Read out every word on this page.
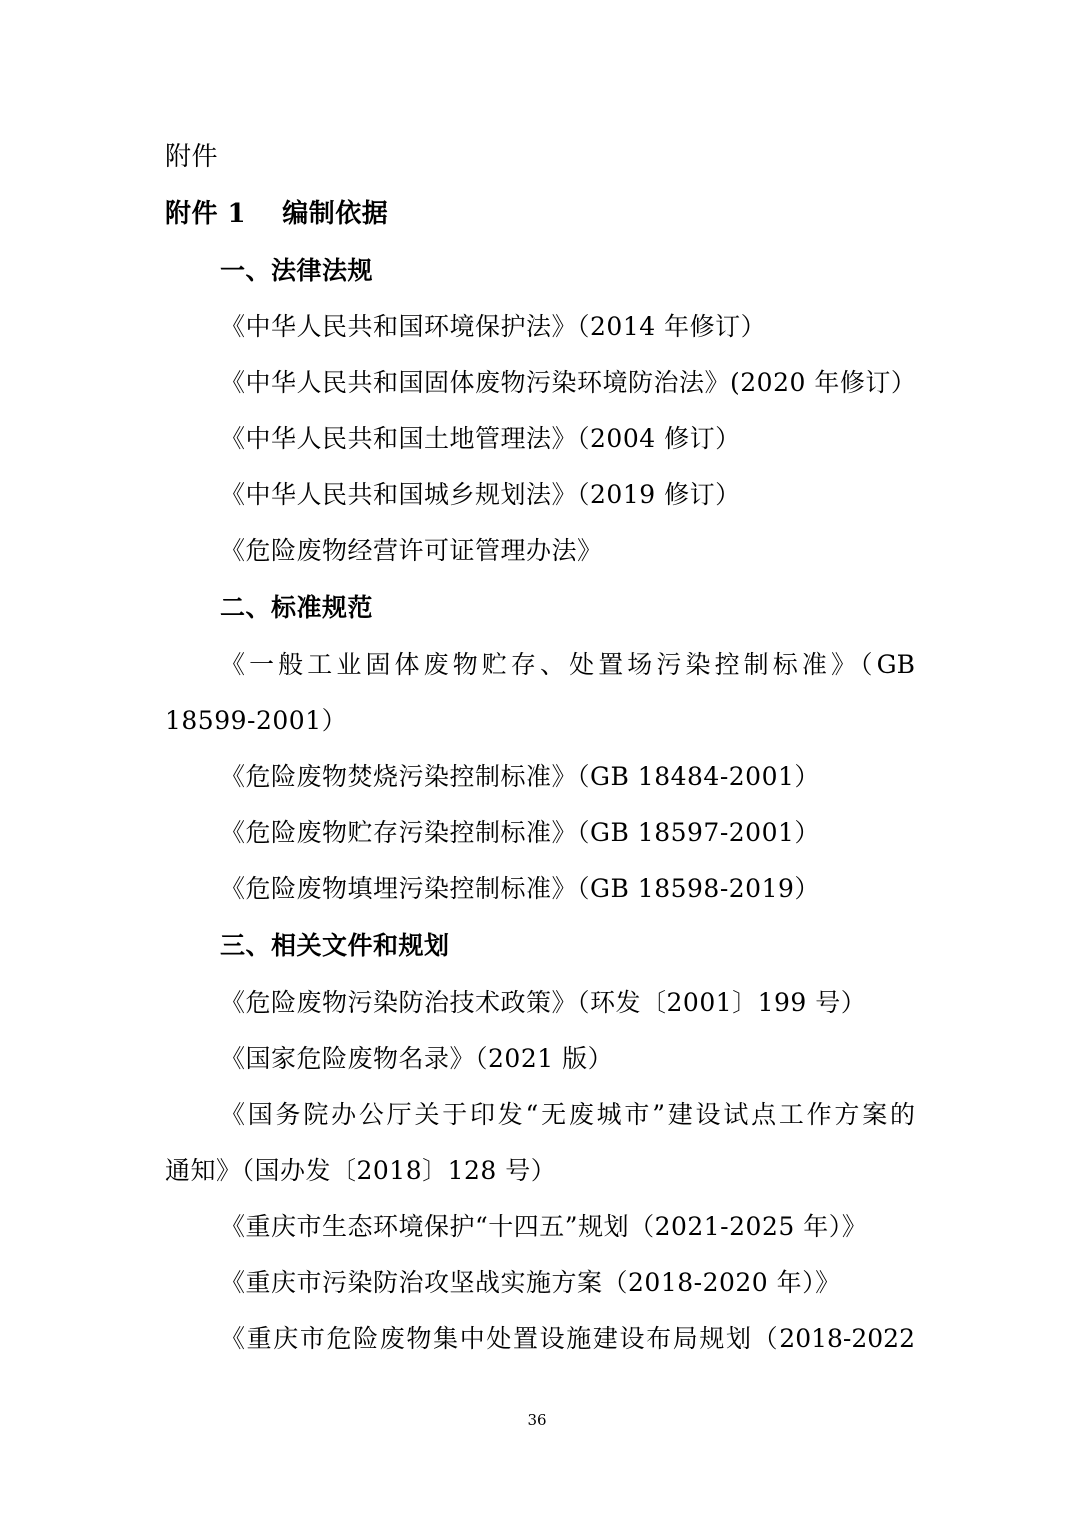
附件
附件 1　 编制依据
一、法律法规
《中华人民共和国环境保护法》（2014 年修订）
《中华人民共和国固体废物污染环境防治法》(2020 年修订）
《中华人民共和国土地管理法》（2004 修订）
《中华人民共和国城乡规划法》（2019 修订）
《危险废物经营许可证管理办法》
二、标准规范
《一般工业固体废物贮存、处置场污染控制标准》（GB
18599-2001）
《危险废物焚烧污染控制标准》（GB 18484-2001）
《危险废物贮存污染控制标准》（GB 18597-2001）
《危险废物填埋污染控制标准》（GB 18598-2019）
三、相关文件和规划
《危险废物污染防治技术政策》（环发〔2001〕199 号）
《国家危险废物名录》（2021 版）
《国务院办公厅关于印发“无废城市”建设试点工作方案的
通知》（国办发〔2018〕128 号）
《重庆市生态环境保护“十四五”规划（2021-2025 年）》
《重庆市污染防治攻坚战实施方案（2018-2020 年）》
《重庆市危险废物集中处置设施建设布局规划（2018-2022
36
